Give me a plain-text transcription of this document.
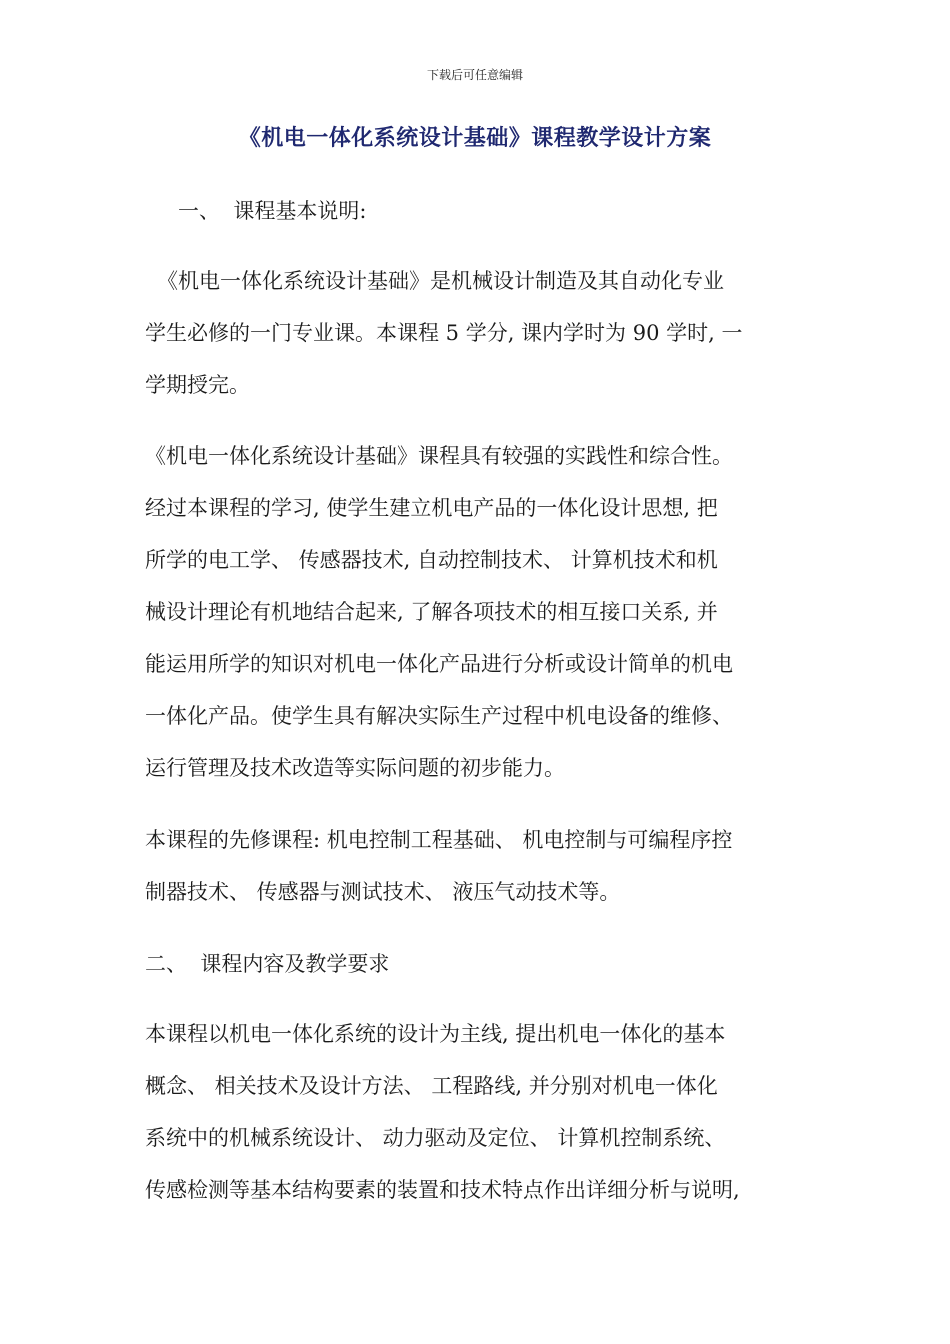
下载后可任意编辑
《机电一体化系统设计基础》课程教学设计方案
一、  课程基本说明:
《机电一体化系统设计基础》是机械设计制造及其自动化专业
学生必修的一门专业课。本课程 5 学分, 课内学时为 90 学时, 一
学期授完。
《机电一体化系统设计基础》课程具有较强的实践性和综合性。
经过本课程的学习, 使学生建立机电产品的一体化设计思想, 把
所学的电工学、 传感器技术, 自动控制技术、 计算机技术和机
械设计理论有机地结合起来, 了解各项技术的相互接口关系, 并
能运用所学的知识对机电一体化产品进行分析或设计简单的机电
一体化产品。使学生具有解决实际生产过程中机电设备的维修、
运行管理及技术改造等实际问题的初步能力。
本课程的先修课程: 机电控制工程基础、 机电控制与可编程序控
制器技术、 传感器与测试技术、 液压气动技术等。
二、  课程内容及教学要求
本课程以机电一体化系统的设计为主线, 提出机电一体化的基本
概念、 相关技术及设计方法、 工程路线, 并分别对机电一体化
系统中的机械系统设计、 动力驱动及定位、 计算机控制系统、
传感检测等基本结构要素的装置和技术特点作出详细分析与说明,
